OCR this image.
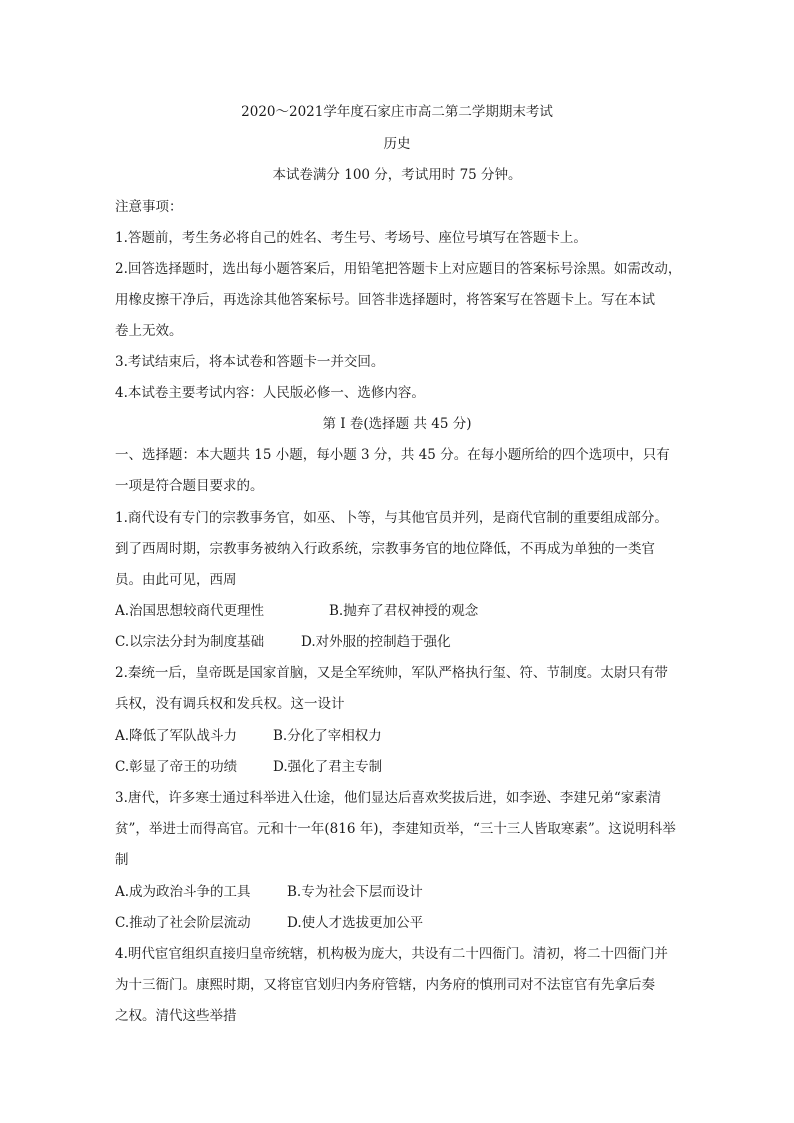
2020～2021学年度石家庄市高二第二学期期末考试
历史
本试卷满分 100 分，考试用时 75 分钟。
注意事项：
1.答题前，考生务必将自己的姓名、考生号、考场号、座位号填写在答题卡上。
2.回答选择题时，选出每小题答案后，用铅笔把答题卡上对应题目的答案标号涂黑。如需改动，
用橡皮擦干净后，再选涂其他答案标号。回答非选择题时，将答案写在答题卡上。写在本试
卷上无效。
3.考试结束后，将本试卷和答题卡一并交回。
4.本试卷主要考试内容：人民版必修一、选修内容。
第 I 卷(选择题 共 45 分)
一、选择题：本大题共 15 小题，每小题 3 分，共 45 分。在每小题所给的四个选项中，只有
一项是符合题目要求的。
1.商代设有专门的宗教事务官，如巫、卜等，与其他官员并列，是商代官制的重要组成部分。
到了西周时期，宗教事务被纳入行政系统，宗教事务官的地位降低，不再成为单独的一类官
员。由此可见，西周
A.治国思想较商代更理性	B.抛弃了君权神授的观念
C.以宗法分封为制度基础	D.对外服的控制趋于强化
2.秦统一后，皇帝既是国家首脑，又是全军统帅，军队严格执行玺、符、节制度。太尉只有带
兵权，没有调兵权和发兵权。这一设计
A.降低了军队战斗力	B.分化了宰相权力
C.彰显了帝王的功绩	D.强化了君主专制
3.唐代，许多寒士通过科举进入仕途，他们显达后喜欢奖拔后进，如李逊、李建兄弟“家素清
贫”，举进士而得高官。元和十一年(816 年)，李建知贡举，“三十三人皆取寒素”。这说明科举
制
A.成为政治斗争的工具	B.专为社会下层而设计
C.推动了社会阶层流动	D.使人才选拔更加公平
4.明代宦官组织直接归皇帝统辖，机构极为庞大，共设有二十四衙门。清初，将二十四衙门并
为十三衙门。康熙时期，又将宦官划归内务府管辖，内务府的慎刑司对不法宦官有先拿后奏
之权。清代这些举措
